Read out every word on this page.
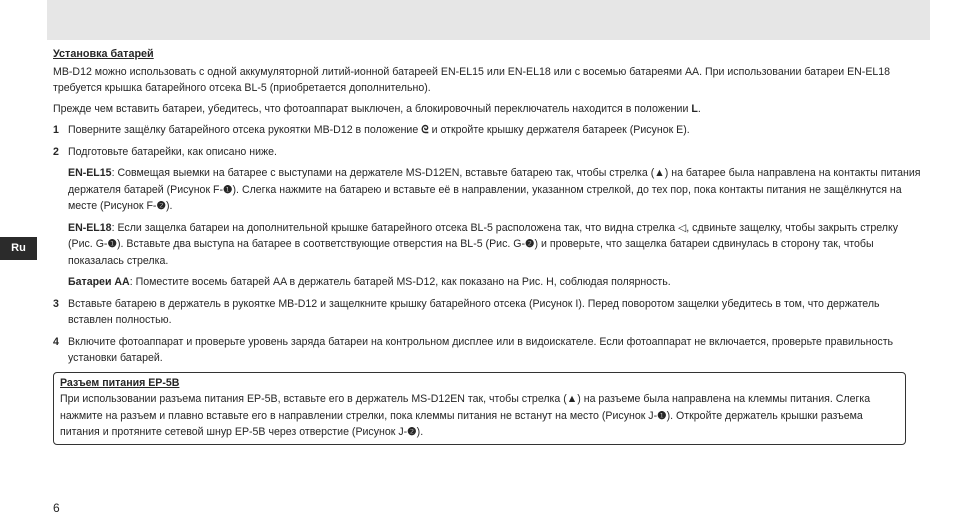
Ru
Установка батарей

MB-D12 можно использовать с одной аккумуляторной литий-ионной батареей EN-EL15 или EN-EL18 или с восемью батареями AA. При использовании батареи EN-EL18 требуется крышка батарейного отсека BL-5 (приобретается дополнительно).

Прежде чем вставить батареи, убедитесь, что фотоаппарат выключен, а блокировочный переключатель находится в положении L.

1 Поверните защёлку батарейного отсека рукоятки MB-D12 в положение ᘓ и откройте крышку держателя батареек (Рисунок E).
2 Подготовьте батарейки, как описано ниже.

EN-EL15: Совмещая выемки на батарее с выступами на держателе MS-D12EN, вставьте батарею так, чтобы стрелка (▲) на батарее была направлена на контакты питания держателя батарей (Рисунок F-❶). Слегка нажмите на батарею и вставьте её в направлении, указанном стрелкой, до тех пор, пока контакты питания не защёлкнутся на месте (Рисунок F-❷).

EN-EL18: Если защелка батареи на дополнительной крышке батарейного отсека BL-5 расположена так, что видна стрелка ◁, сдвиньте защелку, чтобы закрыть стрелку (Рис. G-❶). Вставьте два выступа на батарее в соответствующие отверстия на BL-5 (Рис. G-❷) и проверьте, что защелка батареи сдвинулась в сторону так, чтобы показалась стрелка.

Батареи AA: Поместите восемь батарей AA в держатель батарей MS-D12, как показано на Рис. H, соблюдая полярность.

3 Вставьте батарею в держатель в рукоятке MB-D12 и защелкните крышку батарейного отсека (Рисунок I). Перед поворотом защелки убедитесь в том, что держатель вставлен полностью.
4 Включите фотоаппарат и проверьте уровень заряда батареи на контрольном дисплее или в видоискателе. Если фотоаппарат не включается, проверьте правильность установки батарей.
Разъем питания EP-5B

При использовании разъема питания EP-5B, вставьте его в держатель MS-D12EN так, чтобы стрелка (▲) на разъеме была направлена на клеммы питания. Слегка нажмите на разъем и плавно вставьте его в направлении стрелки, пока клеммы питания не встанут на место (Рисунок J-❶). Откройте держатель крышки разъема питания и протяните сетевой шнур EP-5B через отверстие (Рисунок J-❷).

6
